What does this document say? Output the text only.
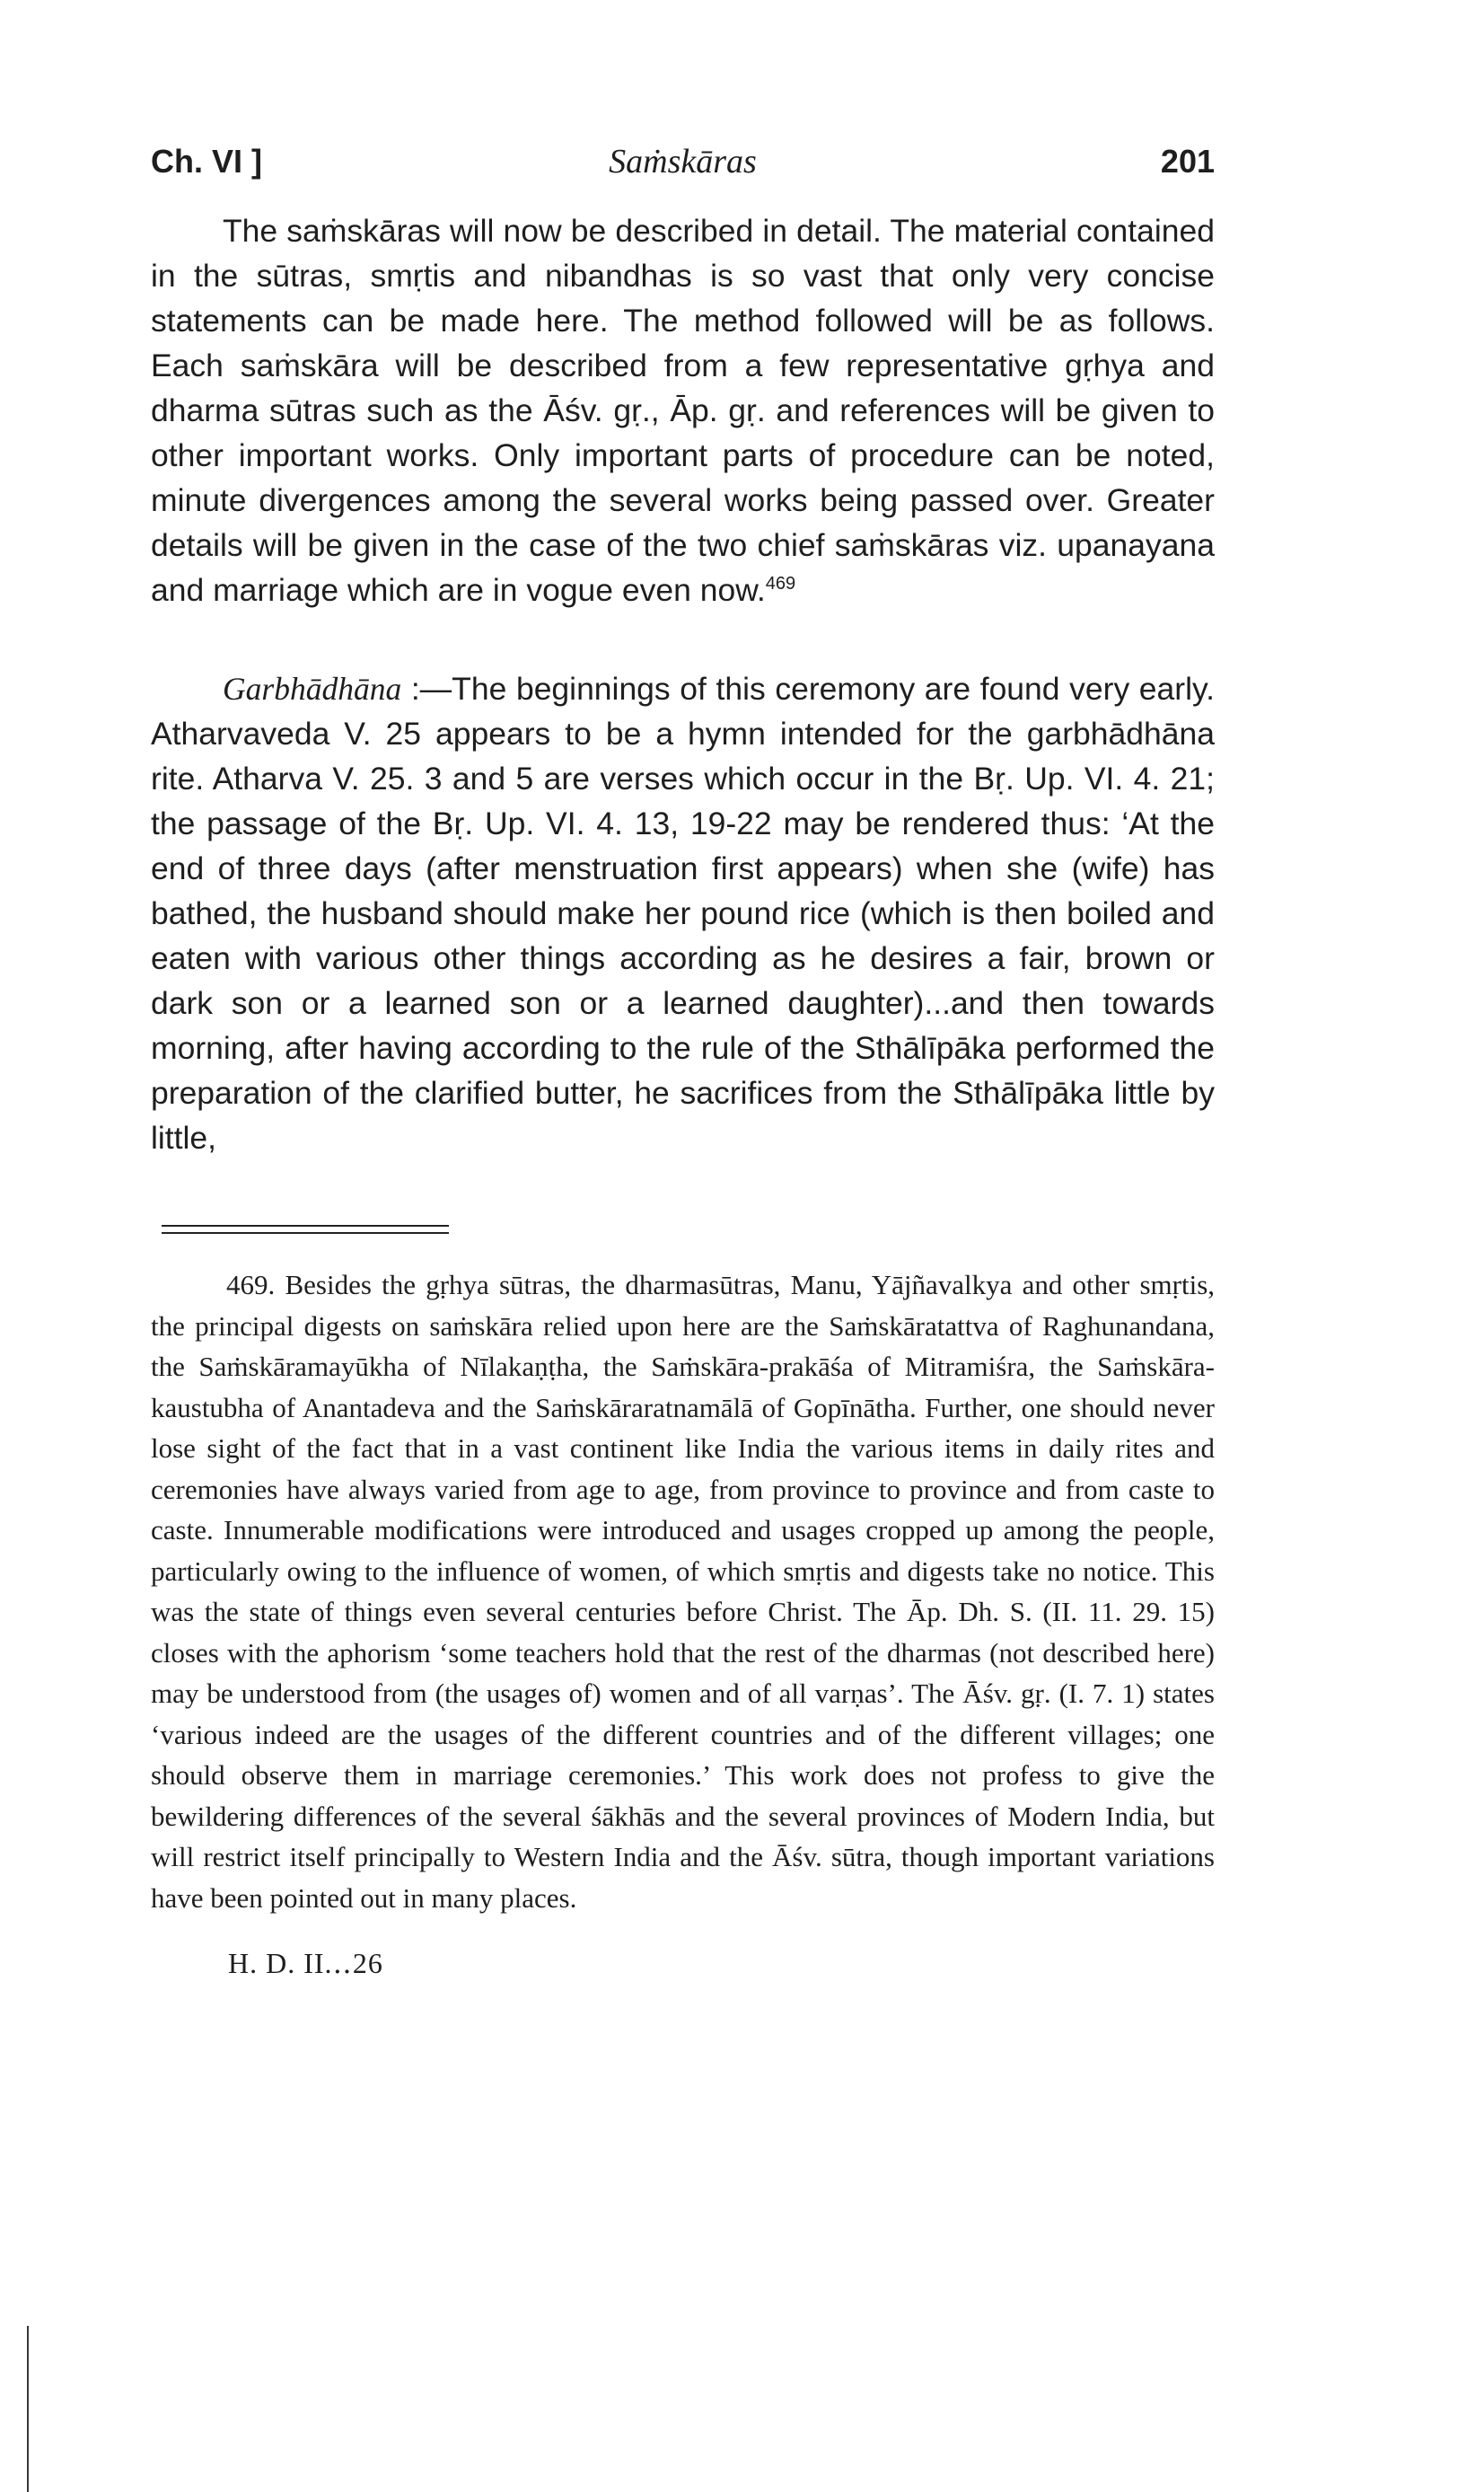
Ch. VI ]	Saṁskāras	201

The saṁskāras will now be described in detail. The material contained in the sūtras, smṛtis and nibandhas is so vast that only very concise statements can be made here. The method followed will be as follows. Each saṁskāra will be described from a few representative gṛhya and dharma sūtras such as the Āśv. gṛ., Āp. gṛ. and references will be given to other important works. Only important parts of procedure can be noted, minute divergences among the several works being passed over. Greater details will be given in the case of the two chief saṁskāras viz. upanayana and marriage which are in vogue even now.$^{469}$

Garbhādhāna :—The beginnings of this ceremony are found very early. Atharvaveda V. 25 appears to be a hymn intended for the garbhādhāna rite. Atharva V. 25. 3 and 5 are verses which occur in the Bṛ. Up. VI. 4. 21; the passage of the Bṛ. Up. VI. 4. 13, 19-22 may be rendered thus: ‘At the end of three days (after menstruation first appears) when she (wife) has bathed, the husband should make her pound rice (which is then boiled and eaten with various other things according as he desires a fair, brown or dark son or a learned son or a learned daughter)...and then towards morning, after having according to the rule of the Sthālīpāka performed the preparation of the clarified butter, he sacrifices from the Sthālīpāka little by little,

469. Besides the gṛhya sūtras, the dharmasūtras, Manu, Yājñavalkya and other smṛtis, the principal digests on saṁskāra relied upon here are the Saṁskāratattva of Raghunandana, the Saṁskāramayūkha of Nīlakaṇṭha, the Saṁskāra-prakāśa of Mitramiśra, the Saṁskāra-kaustubha of Anantadeva and the Saṁskāraratnamālā of Gopīnātha. Further, one should never lose sight of the fact that in a vast continent like India the various items in daily rites and ceremonies have always varied from age to age, from province to province and from caste to caste. Innumerable modifications were introduced and usages cropped up among the people, particularly owing to the influence of women, of which smṛtis and digests take no notice. This was the state of things even several centuries before Christ. The Āp. Dh. S. (II. 11. 29. 15) closes with the aphorism ‘some teachers hold that the rest of the dharmas (not described here) may be understood from (the usages of) women and of all varṇas’. The Āśv. gṛ. (I. 7. 1) states ‘various indeed are the usages of the different countries and of the different villages; one should observe them in marriage ceremonies.’ This work does not profess to give the bewildering differences of the several śākhās and the several provinces of Modern India, but will restrict itself principally to Western India and the Āśv. sūtra, though important variations have been pointed out in many places.

H. D. II.‥26
